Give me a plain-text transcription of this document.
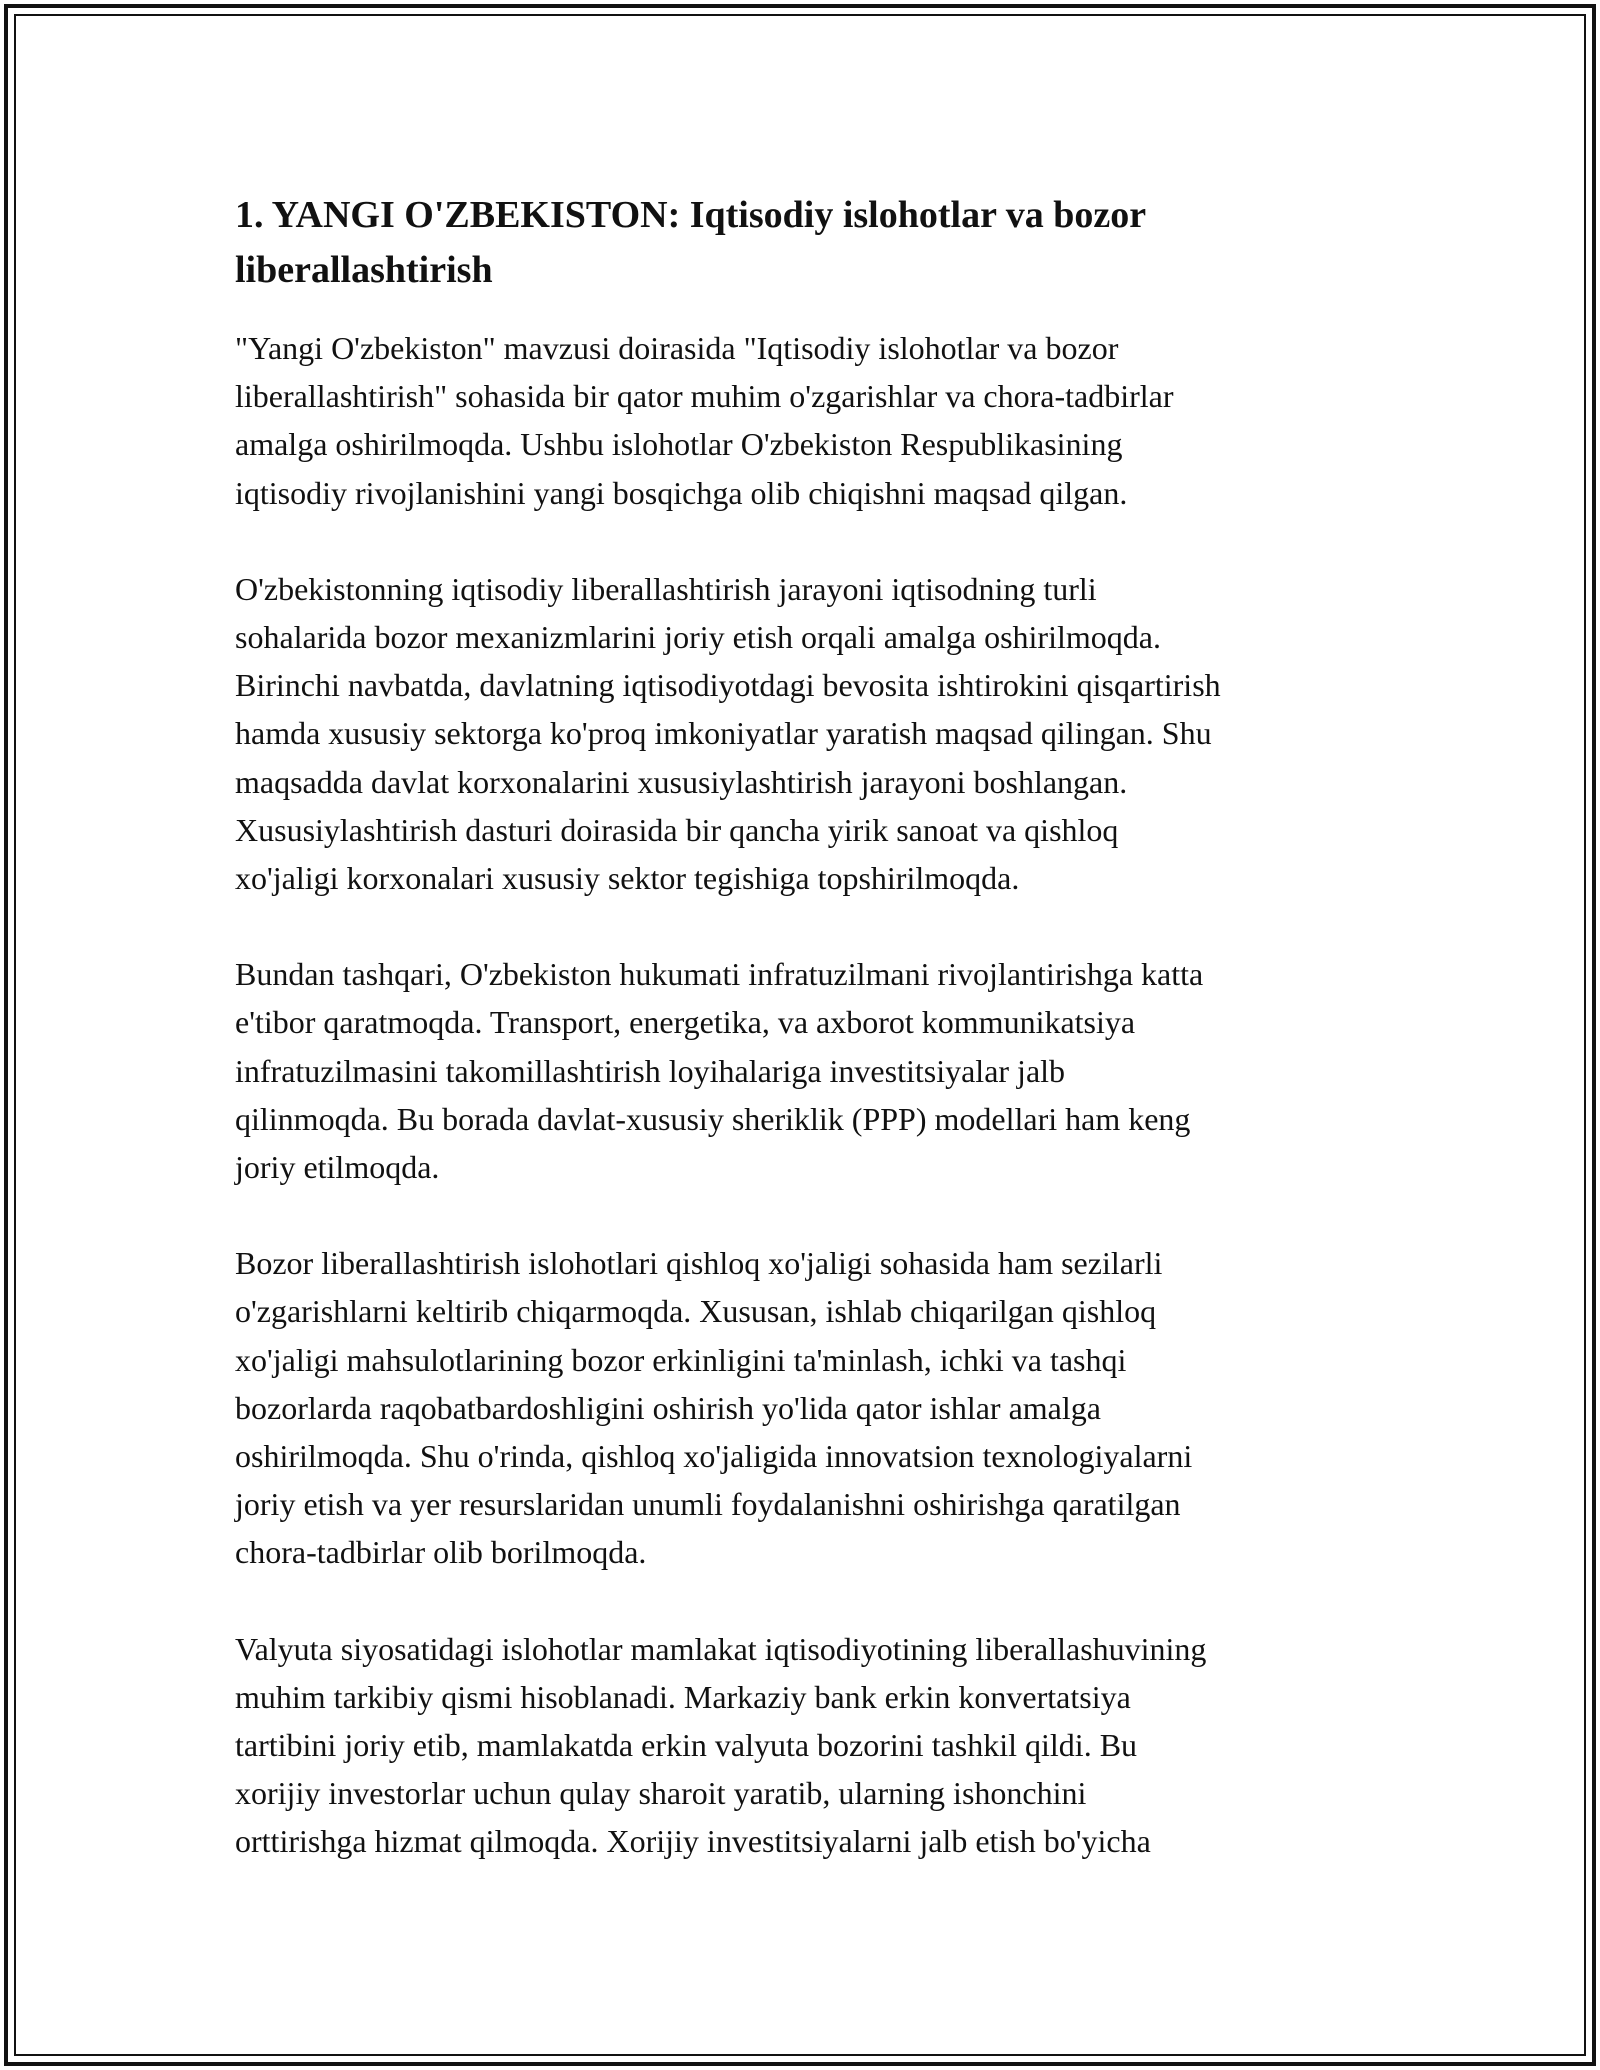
1. YANGI O'ZBEKISTON: Iqtisodiy islohotlar va bozor
liberallashtirish

"Yangi O'zbekiston" mavzusi doirasida "Iqtisodiy islohotlar va bozor
liberallashtirish" sohasida bir qator muhim o'zgarishlar va chora-tadbirlar
amalga oshirilmoqda. Ushbu islohotlar O'zbekiston Respublikasining
iqtisodiy rivojlanishini yangi bosqichga olib chiqishni maqsad qilgan.

O'zbekistonning iqtisodiy liberallashtirish jarayoni iqtisodning turli
sohalarida bozor mexanizmlarini joriy etish orqali amalga oshirilmoqda.
Birinchi navbatda, davlatning iqtisodiyotdagi bevosita ishtirokini qisqartirish
hamda xususiy sektorga ko'proq imkoniyatlar yaratish maqsad qilingan. Shu
maqsadda davlat korxonalarini xususiylashtirish jarayoni boshlangan.
Xususiylashtirish dasturi doirasida bir qancha yirik sanoat va qishloq
xo'jaligi korxonalari xususiy sektor tegishiga topshirilmoqda.

Bundan tashqari, O'zbekiston hukumati infratuzilmani rivojlantirishga katta
e'tibor qaratmoqda. Transport, energetika, va axborot kommunikatsiya
infratuzilmasini takomillashtirish loyihalariga investitsiyalar jalb
qilinmoqda. Bu borada davlat-xususiy sheriklik (PPP) modellari ham keng
joriy etilmoqda.

Bozor liberallashtirish islohotlari qishloq xo'jaligi sohasida ham sezilarli
o'zgarishlarni keltirib chiqarmoqda. Xususan, ishlab chiqarilgan qishloq
xo'jaligi mahsulotlarining bozor erkinligini ta'minlash, ichki va tashqi
bozorlarda raqobatbardoshligini oshirish yo'lida qator ishlar amalga
oshirilmoqda. Shu o'rinda, qishloq xo'jaligida innovatsion texnologiyalarni
joriy etish va yer resurslaridan unumli foydalanishni oshirishga qaratilgan
chora-tadbirlar olib borilmoqda.

Valyuta siyosatidagi islohotlar mamlakat iqtisodiyotining liberallashuvining
muhim tarkibiy qismi hisoblanadi. Markaziy bank erkin konvertatsiya
tartibini joriy etib, mamlakatda erkin valyuta bozorini tashkil qildi. Bu
xorijiy investorlar uchun qulay sharoit yaratib, ularning ishonchini
orttirishga hizmat qilmoqda. Xorijiy investitsiyalarni jalb etish bo'yicha
